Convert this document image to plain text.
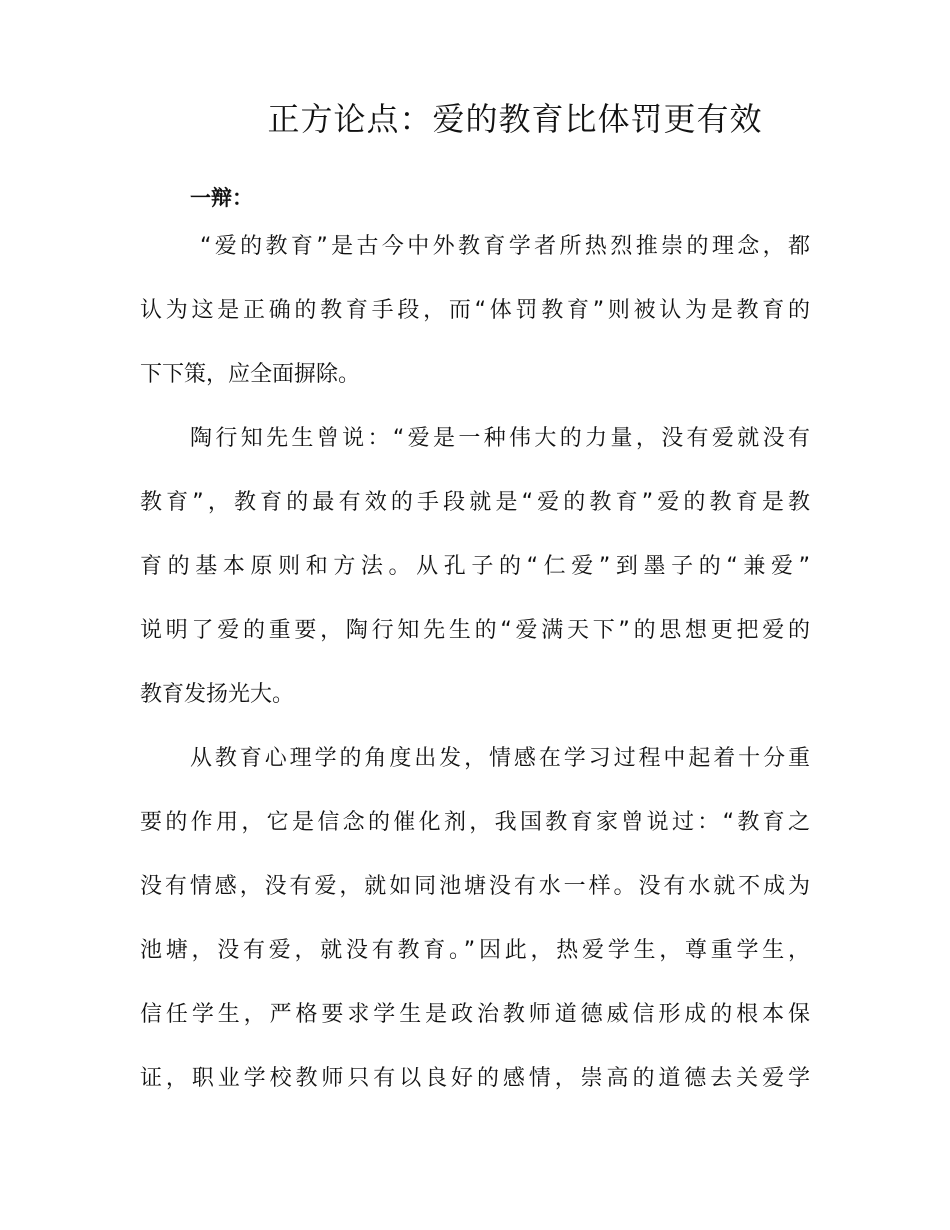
正方论点：爱的教育比体罚更有效
一辩：
“爱的教育”是古今中外教育学者所热烈推崇的理念，都
认为这是正确的教育手段，而“体罚教育”则被认为是教育的
下下策，应全面摒除。
陶行知先生曾说：“爱是一种伟大的力量，没有爱就没有
教育”，教育的最有效的手段就是“爱的教育”爱的教育是教
育的基本原则和方法。从孔子的“仁爱”到墨子的“兼爱”
说明了爱的重要，陶行知先生的“爱满天下”的思想更把爱的
教育发扬光大。
从教育心理学的角度出发，情感在学习过程中起着十分重
要的作用，它是信念的催化剂，我国教育家曾说过：“教育之
没有情感，没有爱，就如同池塘没有水一样。没有水就不成为
池塘，没有爱，就没有教育。”因此，热爱学生，尊重学生，
信任学生，严格要求学生是政治教师道德威信形成的根本保
证，职业学校教师只有以良好的感情，崇高的道德去关爱学
